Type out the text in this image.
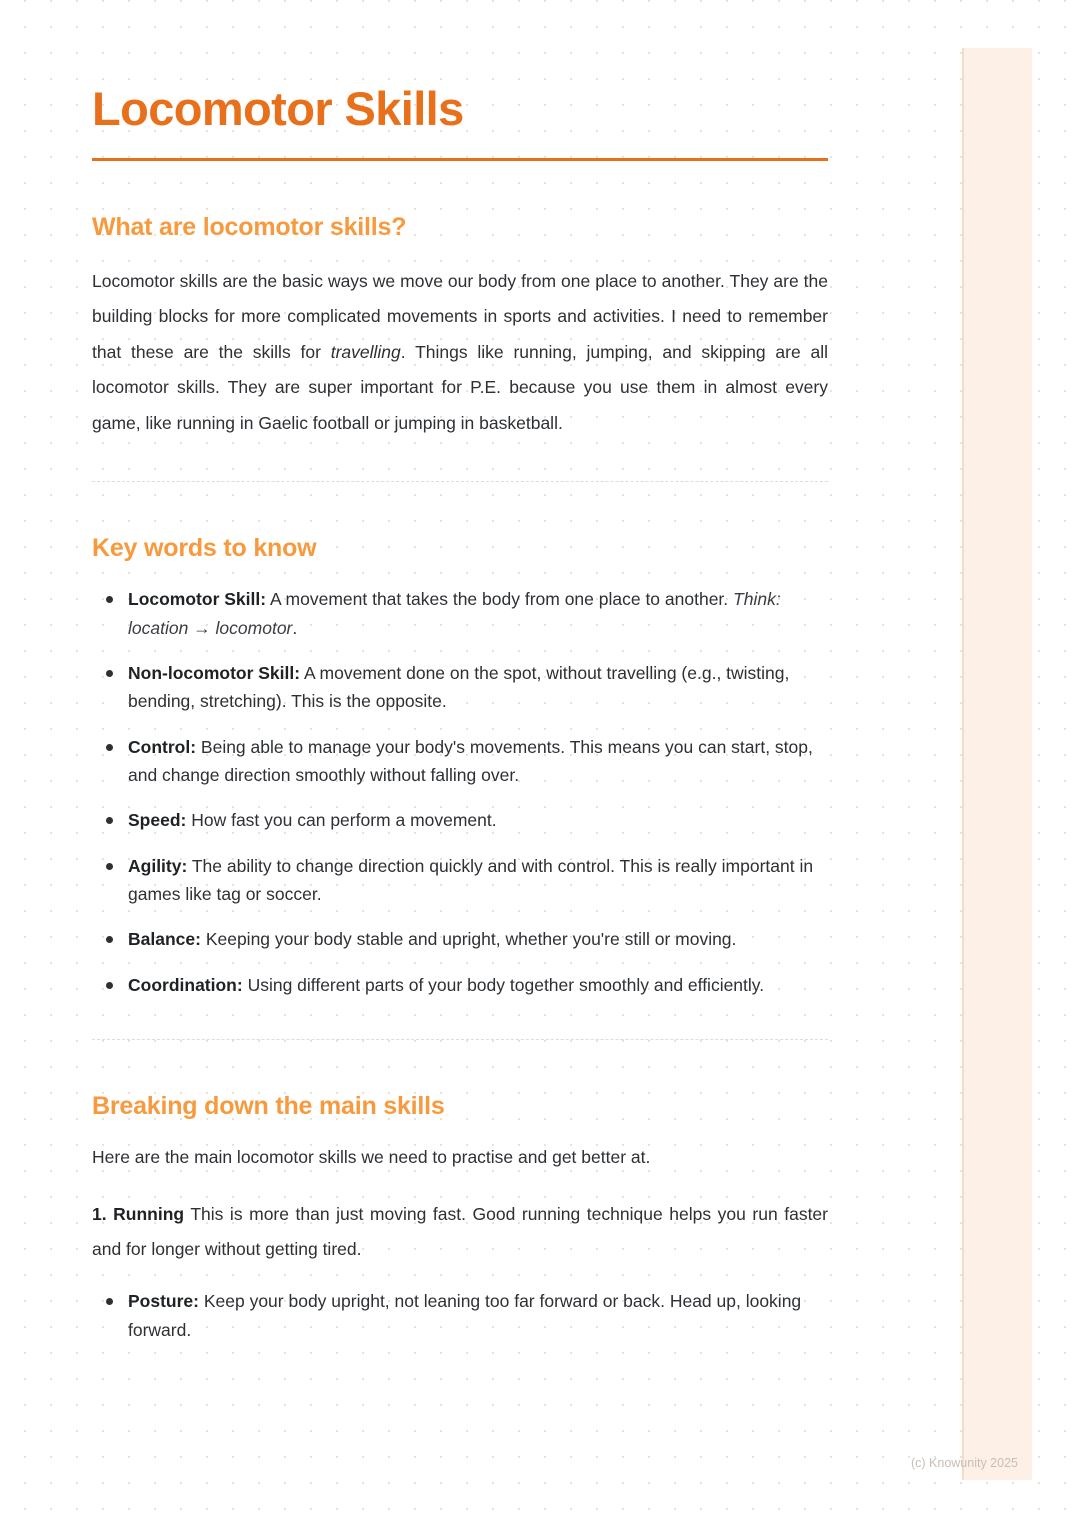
Locomotor Skills
What are locomotor skills?

Locomotor skills are the basic ways we move our body from one place to another. They are the building blocks for more complicated movements in sports and activities. I need to remember that these are the skills for travelling. Things like running, jumping, and skipping are all locomotor skills. They are super important for P.E. because you use them in almost every game, like running in Gaelic football or jumping in basketball.

Key words to know
Locomotor Skill: A movement that takes the body from one place to another. Think: location → locomotor.
Non-locomotor Skill: A movement done on the spot, without travelling (e.g., twisting, bending, stretching). This is the opposite.
Control: Being able to manage your body's movements. This means you can start, stop, and change direction smoothly without falling over.
Speed: How fast you can perform a movement.
Agility: The ability to change direction quickly and with control. This is really important in games like tag or soccer.
Balance: Keeping your body stable and upright, whether you're still or moving.
Coordination: Using different parts of your body together smoothly and efficiently.
Breaking down the main skills

Here are the main locomotor skills we need to practise and get better at.

1. Running This is more than just moving fast. Good running technique helps you run faster and for longer without getting tired.

Posture: Keep your body upright, not leaning too far forward or back. Head up, looking forward.
(c) Knowunity 2025
